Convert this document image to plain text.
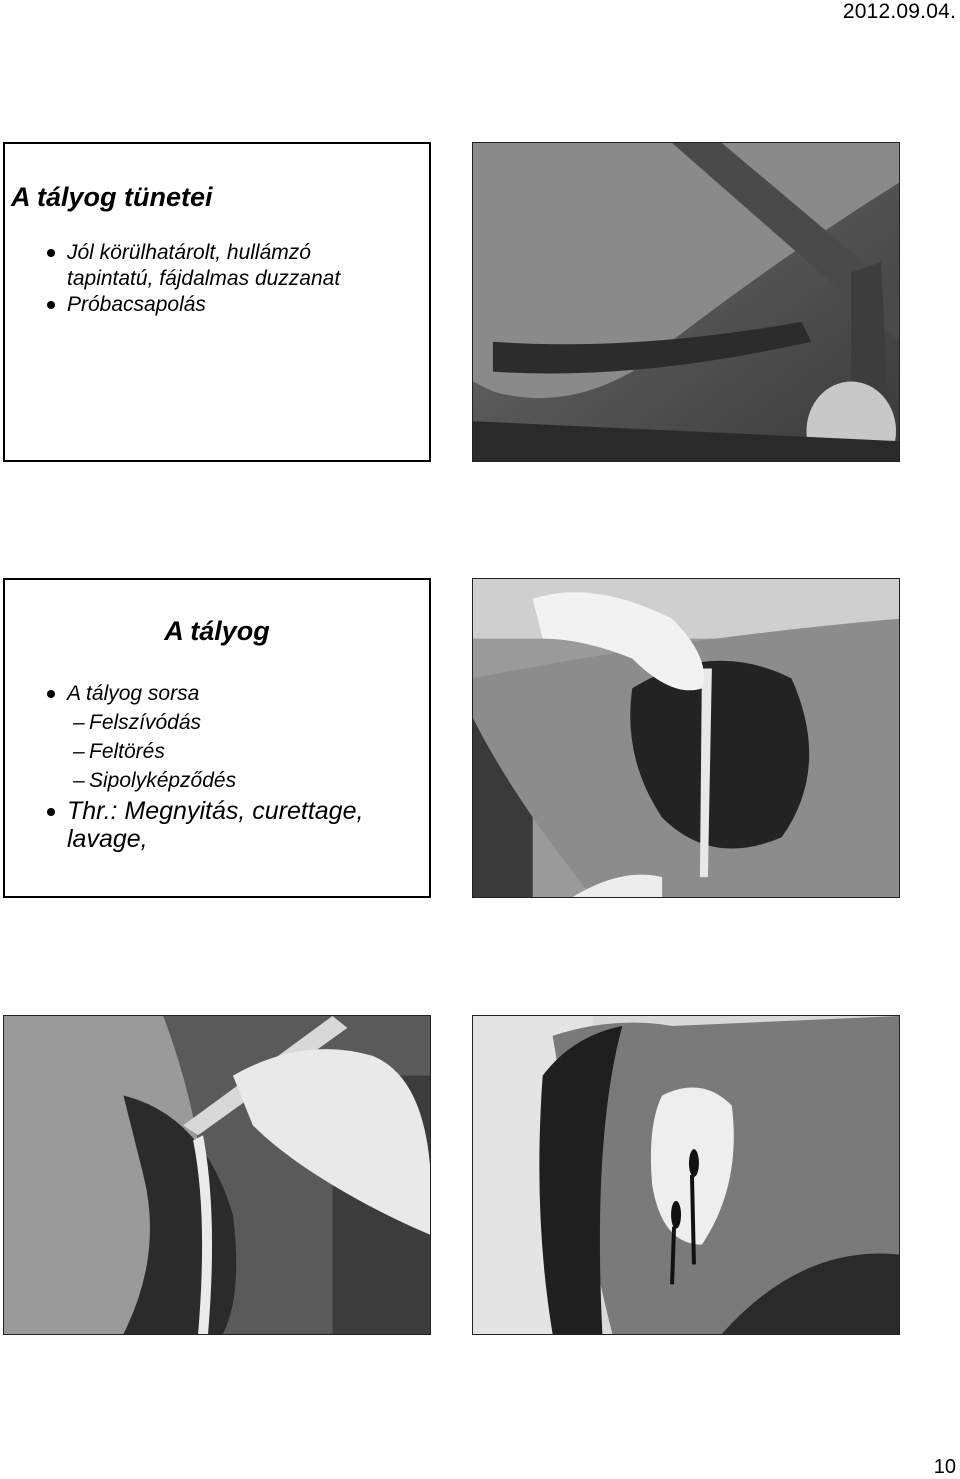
2012.09.04.
A tályog tünetei
Jól körülhatárolt, hullámzó tapintatú, fájdalmas duzzanat
Próbacsapolás
A tályog
A tályog sorsa
– Felszívódás
– Feltörés
– Sipolyképződés
Thr.: Megnyitás, curettage, lavage,
10
